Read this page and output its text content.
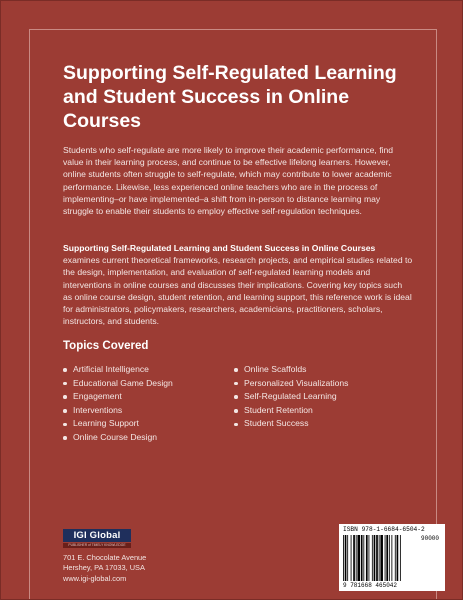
Supporting Self-Regulated Learning and Student Success in Online Courses

Students who self-regulate are more likely to improve their academic performance, find value in their learning process, and continue to be effective lifelong learners. However, online students often struggle to self-regulate, which may contribute to lower academic performance. Likewise, less experienced online teachers who are in the process of implementing–or have implemented–a shift from in-person to distance learning may struggle to enable their students to employ effective self-regulation techniques.

Supporting Self-Regulated Learning and Student Success in Online Courses examines current theoretical frameworks, research projects, and empirical studies related to the design, implementation, and evaluation of self-regulated learning models and interventions in online courses and discusses their implications. Covering key topics such as online course design, student retention, and learning support, this reference work is ideal for administrators, policymakers, researchers, academicians, practitioners, scholars, instructors, and students.

Topics Covered
Artificial Intelligence
Educational Game Design
Engagement
Interventions
Learning Support
Online Course Design
Online Scaffolds
Personalized Visualizations
Self-Regulated Learning
Student Retention
Student Success
IGI Global
PUBLISHER of TIMELY KNOWLEDGE
701 E. Chocolate Avenue
Hershey, PA 17033, USA
www.igi-global.com
ISBN 978-1-6684-6504-2
90000
9 781668 465042
